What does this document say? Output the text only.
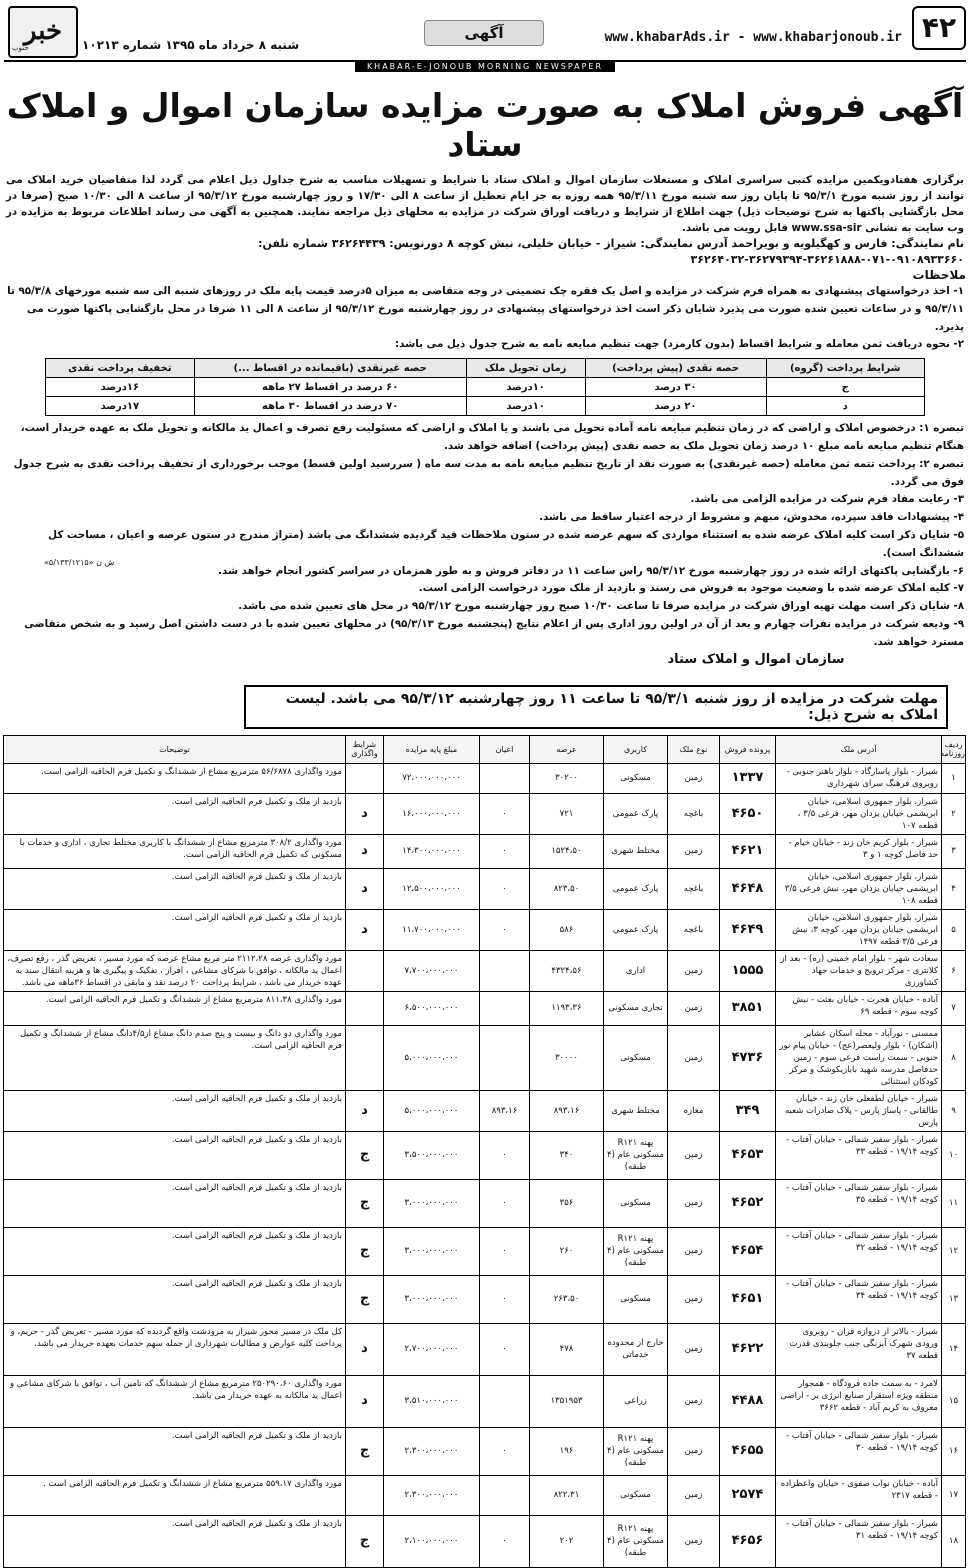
۴۲
www.khabarAds.ir - www.khabarjonoub.ir
آگهی
شنبه ۸ خرداد ماه ۱۳۹۵ شماره ۱۰۲۱۳
خبر
جنوب
KHABAR-E-JONOUB MORNING NEWSPAPER
آگهی فروش املاک به صورت مزایده سازمان اموال و املاک ستاد

برگزاری هفتادویکمین مزایده کتبی سراسری املاک و مستغلات سازمان اموال و املاک ستاد با شرایط و تسهیلات مناسب به شرح جداول ذیل اعلام می گردد لذا متقاضیان خرید املاک می توانند از روز شنبه مورخ ۹۵/۳/۱ تا پایان روز سه شنبه مورخ ۹۵/۳/۱۱ همه روزه به جز ایام تعطیل از ساعت ۸ الی ۱۷/۳۰ و روز چهارشنبه مورخ ۹۵/۳/۱۲ از ساعت ۸ الی ۱۰/۳۰ صبح (صرفا در محل بازگشایی پاکتها به شرح توضیحات ذیل) جهت اطلاع از شرایط و دریافت اوراق شرکت در مزایده به محلهای ذیل مراجعه نمایند. همچنین به آگهی می رساند اطلاعات مربوط به مزایده در وب سایت به نشانی www.ssa-sir قابل رویت می باشد.

نام نمایندگی: فارس و کهگیلویه و بویراحمد آدرس نمایندگی: شیراز - خیابان خلیلی، نبش کوچه ۸ دورنویس: ۳۶۲۶۴۴۳۹ شماره تلفن: ۰۹۱۰۸۹۳۳۶۶۰-۰۷۱-۳۶۲۶۱۸۸۸-۳۶۲۷۹۳۹۴-۳۶۲۶۴۰۳۲

ملاحظات

۱- اخذ درخواستهای پیشنهادی به همراه فرم شرکت در مزایده و اصل یک فقره چک تضمینی در وجه متقاضی به میزان ۵درصد قیمت پایه ملک در روزهای شنبه الی سه شنبه مورخهای ۹۵/۳/۸ تا ۹۵/۳/۱۱ و در ساعات تعیین شده صورت می پذیرد شایان ذکر است اخذ درخواستهای پیشنهادی در روز چهارشنبه مورخ ۹۵/۳/۱۲ از ساعت ۸ الی ۱۱ صرفا در محل بازگشایی پاکتها صورت می پذیرد.

۲- نحوه دریافت ثمن معامله و شرایط اقساط (بدون کارمزد) جهت تنظیم مبایعه نامه به شرح جدول ذیل می باشد:

شرایط پرداخت (گروه)	حصه نقدی (پیش پرداخت)	زمان تحویل ملک	حصه غیرنقدی (باقیمانده در اقساط ...)	تخفیف پرداخت نقدی
ج	۳۰ درصد	۱۰درصد	۶۰ درصد در اقساط ۲۷ ماهه	۱۶درصد
د	۲۰ درصد	۱۰درصد	۷۰ درصد در اقساط ۳۰ ماهه	۱۷درصد

تبصره ۱: درخصوص املاک و اراضی که در زمان تنظیم مبایعه نامه آماده تحویل می باشند و یا املاک و اراضی که مسئولیت رفع تصرف و اعمال ید مالکانه و تحویل ملک به عهده خریدار است، هنگام تنظیم مبایعه نامه مبلغ ۱۰ درصد زمان تحویل ملک به حصه نقدی (پیش پرداخت) اضافه خواهد شد.

تبصره ۲: پرداخت تتمه ثمن معامله (حصه غیرنقدی) به صورت نقد از تاریخ تنظیم مبایعه نامه به مدت سه ماه ( سررسید اولین قسط) موجب برخورداری از تخفیف پرداخت نقدی به شرح جدول فوق می گردد.

۳- رعایت مفاد فرم شرکت در مزایده الزامی می باشد.

۴- پیشنهادات فاقد سپرده، مخدوش، مبهم و مشروط از درجه اعتبار ساقط می باشد.

۵- شایان ذکر است کلیه املاک عرضه شده به استثناء مواردی که سهم عرضه شده در ستون ملاحظات قید گردیده ششدانگ می باشد (متراژ مندرج در ستون عرصه و اعیان ، مساحت کل ششدانگ است).

۶- بازگشایی پاکتهای ارائه شده در روز چهارشنبه مورخ ۹۵/۳/۱۲ راس ساعت ۱۱ در دفاتر فروش و به طور همزمان در سراسر کشور انجام خواهد شد.

۷- کلیه املاک عرضه شده با وضعیت موجود به فروش می رسند و بازدید از ملک مورد درخواست الزامی است.

۸- شایان ذکر است مهلت تهیه اوراق شرکت در مزایده صرفا تا ساعت ۱۰/۳۰ صبح روز چهارشنبه مورخ ۹۵/۳/۱۲ در محل های تعیین شده می باشد.

۹- ودیعه شرکت در مزایده نفرات چهارم و بعد از آن در اولین روز اداری پس از اعلام نتایج (پنجشنبه مورخ ۹۵/۳/۱۳) در محلهای تعیین شده با در دست داشتن اصل رسید و به شخص متقاضی مسترد خواهد شد.

سازمان اموال و املاک ستاد
«۵/۱۳۳/۱۲۱۵» ش ن
مهلت شرکت در مزایده از روز شنبه ۹۵/۳/۱ تا ساعت ۱۱ روز چهارشنبه ۹۵/۳/۱۲ می باشد. لیست املاک به شرح ذیل:
ردیف روزنامه	آدرس ملک	پرونده فروش	نوع ملک	کاربری	عرصه	اعیان	مبلغ پایه مزایده	شرایط واگذاری	توضیحات
۱	شیراز - بلوار پاسارگاد - بلوار باهنر جنوبی - روبروی فرهنگ سرای شهرداری	۱۳۳۷	زمین	مسکونی	۳۰۲۰۰		۷۲،۰۰۰،۰۰۰،۰۰۰		مورد واگذاری ۵۶/۶۸۷۸ مترمربع مشاع از ششدانگ و تکمیل فرم الحاقیه الزامی است.
۲	شیراز، بلوار جمهوری اسلامی، خیابان ابریشمی خیابان یزدان مهر، فرعی ۳/۵ ، قطعه ۱۰۷	۴۶۵۰	باغچه	پارک عمومی	۷۲۱	۰	۱۶،۰۰۰،۰۰۰،۰۰۰	د	بازدید از ملک و تکمیل فرم الحاقیه الزامی است.
۳	شیراز - بلوار کریم خان زند - خیابان خیام - حد فاصل کوچه ۱ و ۳	۴۶۲۱	زمین	مختلط شهری	۱۵۲۴،۵۰	۰	۱۴،۳۰۰،۰۰۰،۰۰۰	د	مورد واگذاری ۳۰۸/۲ مترمربع مشاع از ششدانگ با کاربری مختلط تجاری ، اداری و خدمات با مسکونی که تکمیل فرم الحاقیه الزامی است.
۴	شیراز، بلوار جمهوری اسلامی، خیابان ابریشمی خیابان یزدان مهر، نبش فرعی ۳/۵ قطعه ۱۰۸	۴۶۴۸	باغچه	پارک عمومی	۸۲۳،۵۰	۰	۱۲،۵۰۰،۰۰۰،۰۰۰	د	بازدید از ملک و تکمیل فرم الحاقیه الزامی است.
۵	شیراز، بلوار جمهوری اسلامی، خیابان ابریشمی خیابان یزدان مهر، کوچه ۳، نبش فرعی ۳/۵ قطعه ۱۴۹۷	۴۶۴۹	باغچه	پارک عمومی	۵۸۶	۰	۱۱،۷۰۰،۰۰۰،۰۰۰	د	بازدید از ملک و تکمیل فرم الحاقیه الزامی است.
۶	سعادت شهر - بلوار امام خمینی (ره) - بعد از کلانتری - مرکز ترویج و خدمات جهاد کشاورزی	۱۵۵۵	زمین	اداری	۴۳۲۴،۵۶		۷،۷۰۰،۰۰۰،۰۰۰		مورد واگذاری عرصه ۲۱۱۲،۲۸ متر مربع مشاع عرصه که مورد مسیر ، تعریض گذر ، رفع تصرف، اعمال ید مالکانه ، توافق با شرکای مشاعی ، افراز ، تفکیک و پیگیری ها و هزینه انتقال سند به عهده خریدار می باشد ، شرایط پرداخت ۲۰ درصد نقد و مابقی در اقساط ۳۶ماهه می باشد.
۷	آباده - خیابان هجرت - خیابان بعثت - نبش کوچه سوم - قطعه ۶۹	۳۸۵۱	زمین	تجاری مسکونی	۱۱۹۳،۳۶		۶،۵۰۰،۰۰۰،۰۰۰		مورد واگذاری ۸۱۱،۳۸ مترمربع مشاع از ششدانگ و تکمیل فرم الحاقیه الزامی است.
۸	ممسنی - نورآباد - محله اسکان عشایر (اشکان) - بلوار ولیعصر(عج) - خیابان پیام نور جنوبی - سمت راست فرعی سوم - زمین حدفاصل مدرسه شهید بابازیکوشک و مرکز کودکان استثنائی	۴۷۳۶	زمین	مسکونی	۳۰۰۰۰		۵،۰۰۰،۰۰۰،۰۰۰		مورد واگذاری دو دانگ و بیست و پنج صدم دانگ مشاع از۴/۵دانگ مشاع از ششدانگ و تکمیل فرم الحاقیه الزامی است.
۹	شیراز - خیابان لطفعلی خان زند - خیابان طالقانی - پاساژ پارس - پلاک صادرات شعبه پارس	۳۴۹	مغازه	مختلط شهری	۸۹۳،۱۶	۸۹۳،۱۶	۵،۰۰۰،۰۰۰،۰۰۰	د	بازدید از ملک و تکمیل فرم الحاقیه الزامی است.
۱۰	شیراز - بلوار سفیر شمالی - خیابان آفتاب - کوچه ۱۹/۱۴ - قطعه ۳۳	۴۶۵۳	زمین	پهنه R۱۲۱ مسکونی عام (۴ طبقه)	۳۴۰	۰	۳،۵۰۰،۰۰۰،۰۰۰	ج	بازدید از ملک و تکمیل فرم الحاقیه الزامی است.
۱۱	شیراز - بلوار سفیر شمالی - خیابان آفتاب - کوچه ۱۹/۱۴ - قطعه ۳۵	۴۶۵۲	زمین	مسکونی	۳۵۶	۰	۳،۰۰۰،۰۰۰،۰۰۰	ج	بازدید از ملک و تکمیل فرم الحاقیه الزامی است.
۱۲	شیراز - بلوار سفیر شمالی - خیابان آفتاب - کوچه ۱۹/۱۴ - قطعه ۳۲	۴۶۵۴	زمین	پهنه R۱۲۱ مسکونی عام (۴ طبقه)	۲۶۰	۰	۳،۰۰۰،۰۰۰،۰۰۰	ج	بازدید از ملک و تکمیل فرم الحاقیه الزامی است.
۱۳	شیراز - بلوار سفیر شمالی - خیابان آفتاب - کوچه ۱۹/۱۴ - قطعه ۳۴	۴۶۵۱	زمین	مسکونی	۲۶۳،۵۰	۰	۳،۰۰۰،۰۰۰،۰۰۰	ج	بازدید از ملک و تکمیل فرم الحاقیه الزامی است.
۱۴	شیراز - بالاتر از دروازه قران - روبروی ورودی شهرک آبزنگی جنب جلوبندی قدرت قطعه ۳۷	۴۶۲۲	زمین	خارج از محدوده خدماتی	۴۷۸	۰	۲،۷۰۰،۰۰۰،۰۰۰	د	کل ملک در مسیر محور شیراز به مرودشت واقع گردیده که مورد مسیر - تعریض گذر - حریم، و پرداخت کلیه عوارض و مطالبات شهرداری از جمله سهم خدمات بعهده خریدار می باشد.
۱۵	لامرد - به سمت جاده فرودگاه - همجوار منطقه ویژه استقرار صنایع انرژی بر - اراضی معروف به کریم آباد - قطعه ۳۶۶۲	۴۴۸۸	زمین	زراعی	۱۳۵۱۹۵۳		۳،۵۱۰،۰۰۰،۰۰۰	د	مورد واگذاری ۲۵۰۲۹۰،۶۰ مترمربع مشاع از ششدانگ که تامین آب ، توافق با شرکای مشاعی و اعمال ید مالکانه به عهده خریدار می باشد.
۱۶	شیراز - بلوار سفیر شمالی - خیابان آفتاب - کوچه ۱۹/۱۴ - قطعه ۳۰	۴۶۵۵	زمین	پهنه R۱۲۱ مسکونی عام (۴ طبقه)	۱۹۶	۰	۲،۳۰۰،۰۰۰،۰۰۰	ج	بازدید از ملک و تکمیل فرم الحاقیه الزامی است.
۱۷	آباده - خیابان نواب صفوی - خیابان واعظزاده - قطعه ۲۳۱۷	۲۵۷۴	زمین	مسکونی	۸۲۲،۳۱		۲،۳۰۰،۰۰۰،۰۰۰		مورد واگذاری ۵۵۹،۱۷ مترمربع مشاع از ششدانگ و تکمیل فرم الحاقیه الزامی است .
۱۸	شیراز - بلوار سفیر شمالی - خیابان آفتاب - کوچه ۱۹/۱۴ - قطعه ۳۱	۴۶۵۶	زمین	پهنه R۱۲۱ مسکونی عام (۴ طبقه)	۲۰۲	۰	۲،۱۰۰،۰۰۰،۰۰۰	ج	بازدید از ملک و تکمیل فرم الحاقیه الزامی است.
